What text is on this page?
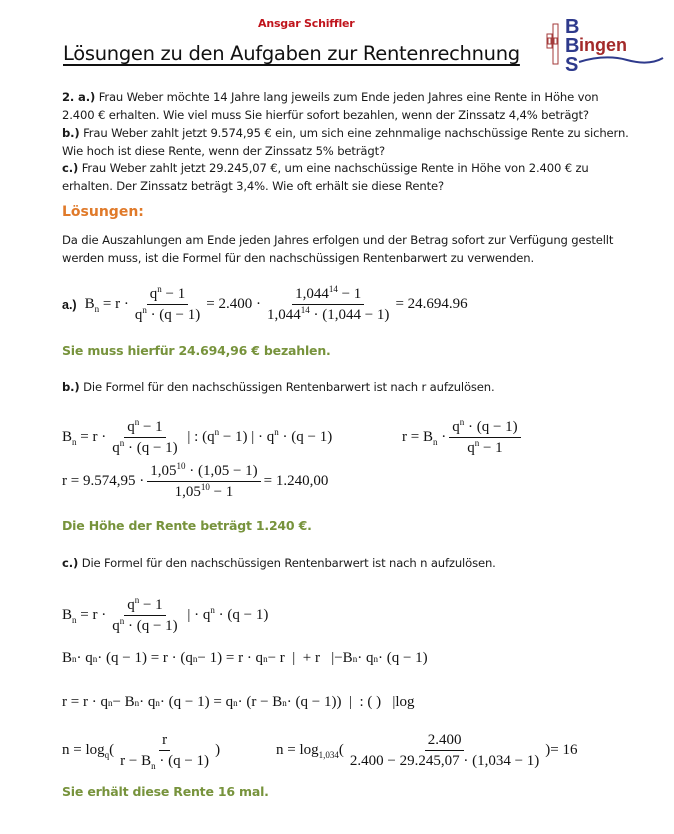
Ansgar Schiffler
Lösungen zu den Aufgaben zur Rentenrechnung
B
B
S
ingen
2. a.) Frau Weber möchte 14 Jahre lang jeweils zum Ende jeden Jahres eine Rente in Höhe von
2.400 € erhalten. Wie viel muss Sie hierfür sofort bezahlen, wenn der Zinssatz 4,4% beträgt?
b.) Frau Weber zahlt jetzt 9.574,95 € ein, um sich eine zehnmalige nachschüssige Rente zu sichern.
Wie hoch ist diese Rente, wenn der Zinssatz 5% beträgt?
c.) Frau Weber zahlt jetzt 29.245,07 €, um eine nachschüssige Rente in Höhe von 2.400 € zu
erhalten. Der Zinssatz beträgt 3,4%. Wie oft erhält sie diese Rente?
Lösungen:
Da die Auszahlungen am Ende jeden Jahres erfolgen und der Betrag sofort zur Verfügung gestellt
werden muss, ist die Formel für den nachschüssigen Rentenbarwert zu verwenden.
a.) $B_n$
= $r \cdot \frac{q^n - 1}{q^n \cdot (q - 1)} = 2.400 \cdot \frac{1,044^{14} - 1}{1,044^{14} \cdot (1,044 - 1)} = 24.694.96$
Sie muss hierfür 24.694,96 € bezahlen.
b.) Die Formel für den nachschüssigen Rentenbarwert ist nach r aufzulösen.
$B_n = r \cdot \frac{q^n - 1}{q^n \cdot (q - 1)}$
| : $(q^n - 1)$ | · $q^n \cdot (q - 1)$	$r = B_n \cdot \frac{q^n \cdot (q - 1)}{q^n - 1}$
$r = 9.574,95 \cdot \frac{1,05^{10} \cdot (1,05 - 1)}{1,05^{10} - 1} = 1.240,00$
Die Höhe der Rente beträgt 1.240 €.
c.) Die Formel für den nachschüssigen Rentenbarwert ist nach n aufzulösen.
$B_n = r \cdot \frac{q^n - 1}{q^n \cdot (q - 1)}$
| · $q^n \cdot (q - 1)$
B n · q n · (q − 1) = r · (q n − 1) = r · q n − r  |  + r   |−B n · q n · (q − 1)
r = r · q n − B n · q n · (q − 1) = q n · (r − B n · (q − 1))  |  : ( )   |log
$n = \log_q( \frac{r}{r - B_n \cdot (q - 1)}$ )	$n = \log_{1,034}( \frac{2.400}{2.400 - 29.245,07 \cdot (1,034 - 1)}$ ) = 16
Sie erhält diese Rente 16 mal.
